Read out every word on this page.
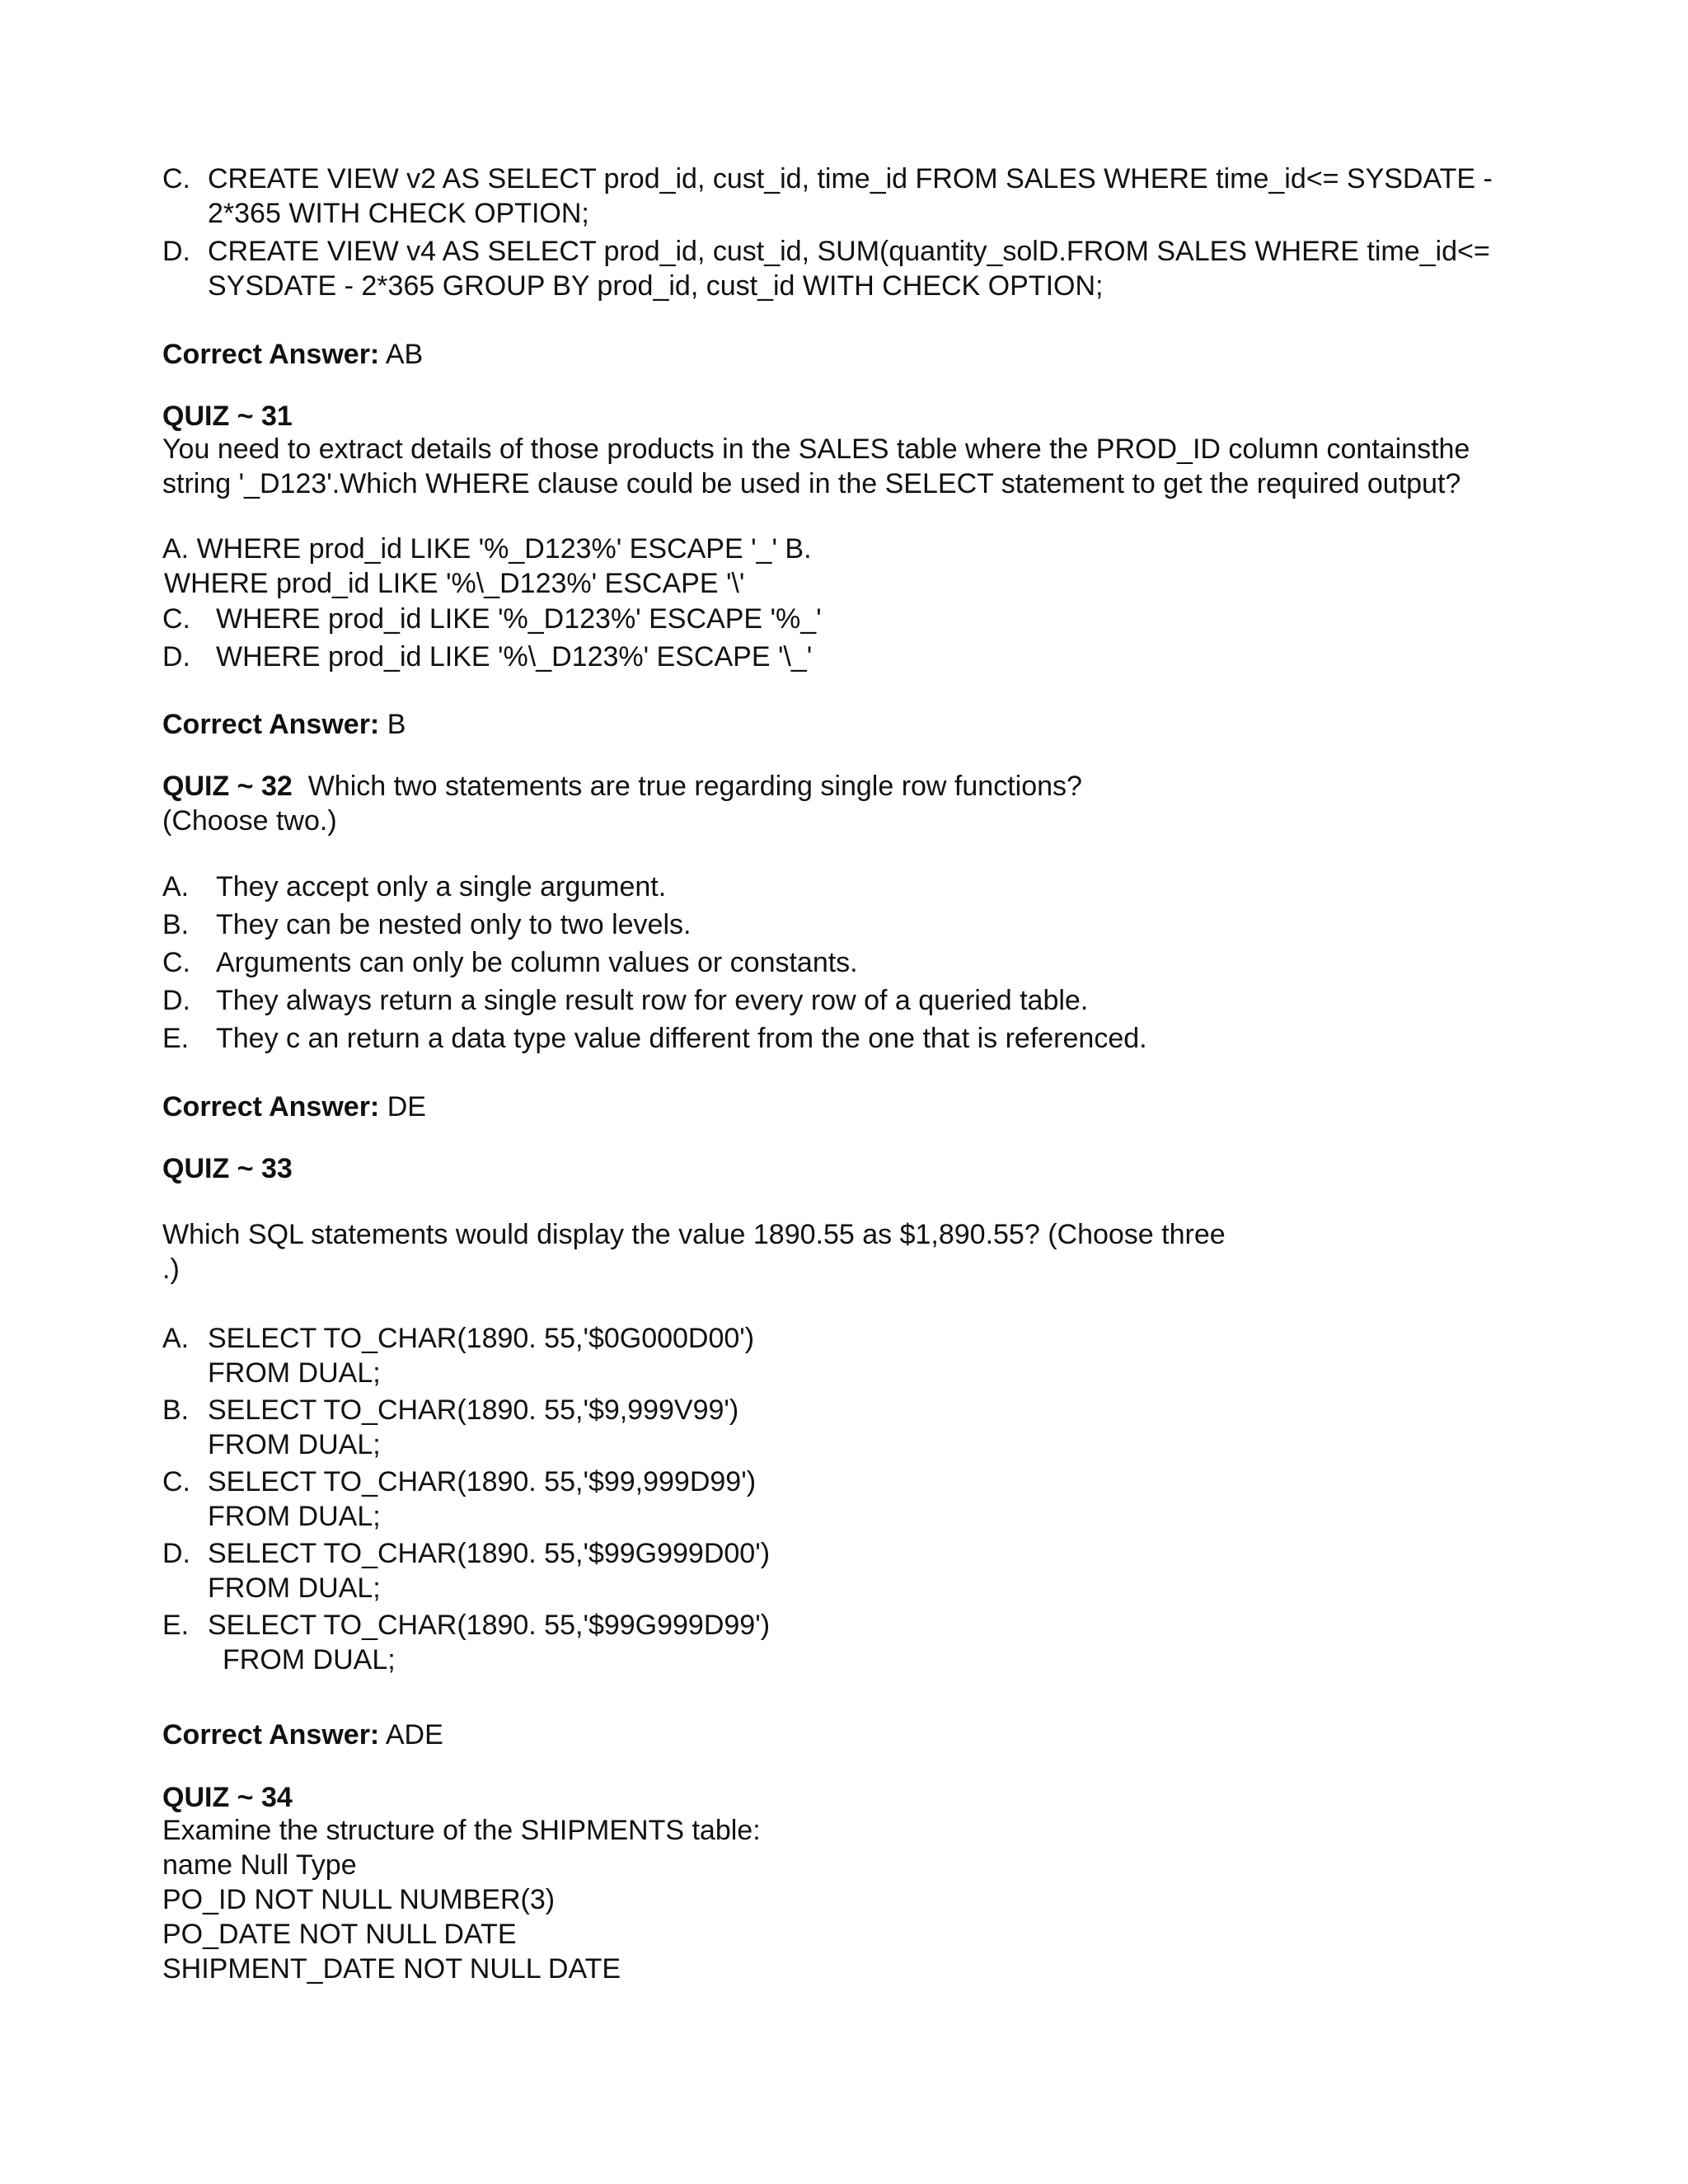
C. CREATE VIEW v2 AS SELECT prod_id, cust_id, time_id FROM SALES WHERE time_id<= SYSDATE -
2*365 WITH CHECK OPTION;
D. CREATE VIEW v4 AS SELECT prod_id, cust_id, SUM(quantity_solD.FROM SALES WHERE time_id<=
SYSDATE - 2*365 GROUP BY prod_id, cust_id WITH CHECK OPTION;
Correct Answer: AB
QUIZ ~ 31
You need to extract details of those products in the SALES table where the PROD_ID column containsthe
string '_D123'.Which WHERE clause could be used in the SELECT statement to get the required output?
A. WHERE prod_id LIKE '%_D123%' ESCAPE '_' B.
WHERE prod_id LIKE '%\_D123%' ESCAPE '\'
C. WHERE prod_id LIKE '%_D123%' ESCAPE '%_'
D. WHERE prod_id LIKE '%\_D123%' ESCAPE '\_'
Correct Answer: B
QUIZ ~ 32 Which two statements are true regarding single row functions?
(Choose two.)
A. They accept only a single argument.
B. They can be nested only to two levels.
C. Arguments can only be column values or constants.
D. They always return a single result row for every row of a queried table.
E. They c an return a data type value different from the one that is referenced.
Correct Answer: DE
QUIZ ~ 33
Which SQL statements would display the value 1890.55 as $1,890.55? (Choose three
.)
A. SELECT TO_CHAR(1890. 55,'$0G000D00')
FROM DUAL;
B. SELECT TO_CHAR(1890. 55,'$9,999V99')
FROM DUAL;
C. SELECT TO_CHAR(1890. 55,'$99,999D99')
FROM DUAL;
D. SELECT TO_CHAR(1890. 55,'$99G999D00')
FROM DUAL;
E. SELECT TO_CHAR(1890. 55,'$99G999D99')
FROM DUAL;
Correct Answer: ADE
QUIZ ~ 34
Examine the structure of the SHIPMENTS table:
name Null Type
PO_ID NOT NULL NUMBER(3)
PO_DATE NOT NULL DATE
SHIPMENT_DATE NOT NULL DATE
